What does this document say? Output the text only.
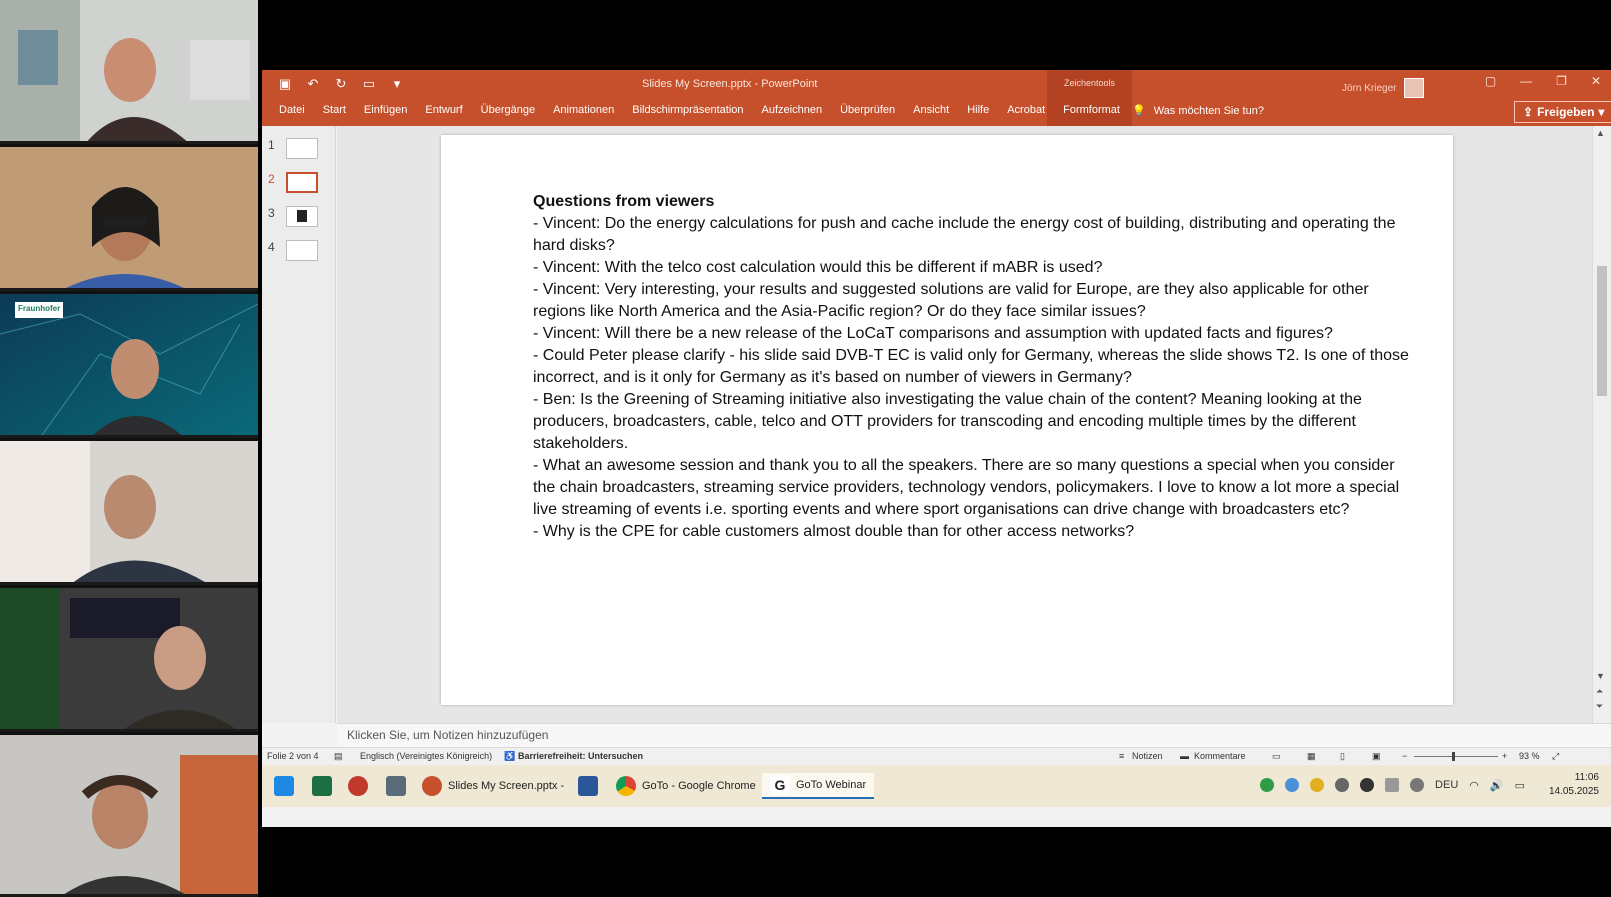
Fraunhofer
▣ ↶ ↻ ▭	▾	Slides My Screen.pptx - PowerPoint	Zeichentools	Jörn Krieger	▢ — ❐ ✕
Datei	Start	Einfügen	Entwurf	Übergänge	Animationen	Bildschirmpräsentation	Aufzeichnen	Überprüfen	Ansicht	Hilfe	Acrobat	Formformat	💡 Was möchten Sie tun?	⇪ Freigeben ▾
1
2
3
4
Questions from viewers
- Vincent: Do the energy calculations for push and cache include the energy cost of building, distributing and operating the hard disks?
- Vincent: With the telco cost calculation would this be different if mABR is used?
- Vincent: Very interesting, your results and suggested solutions are valid for Europe, are they also applicable for other regions like North America and the Asia-Pacific region? Or do they face similar issues?
- Vincent: Will there be a new release of the LoCaT comparisons and assumption with updated facts and figures?
- Could Peter please clarify - his slide said DVB-T EC is valid only for Germany, whereas the slide shows T2. Is one of those incorrect, and is it only for Germany as it's based on number of viewers in Germany?
- Ben: Is the Greening of Streaming initiative also investigating the value chain of the content? Meaning looking at the producers, broadcasters, cable, telco and OTT providers for transcoding and encoding multiple times by the different stakeholders.
- What an awesome session and thank you to all the speakers. There are so many questions a special when you consider the chain broadcasters, streaming service providers, technology vendors, policymakers. I love to know a lot more a special live streaming of events i.e. sporting events and where sport organisations can drive change with broadcasters etc?
- Why is the CPE for cable customers almost double than for other access networks?
▲
▼
⏶
⏷
Klicken Sie, um Notizen hinzuzufügen
Folie 2 von 4 ▤ Englisch (Vereinigtes Königreich) ♿ Barrierefreiheit: Untersuchen	≡ Notizen ▬ Kommentare	▭	▦	▯	▣ −	+ 93 % ⤢
Slides My Screen.pptx -	GoTo - Google Chrome	G GoTo Webinar	DEU ◠ 🔊 ▭
11:06
14.05.2025
